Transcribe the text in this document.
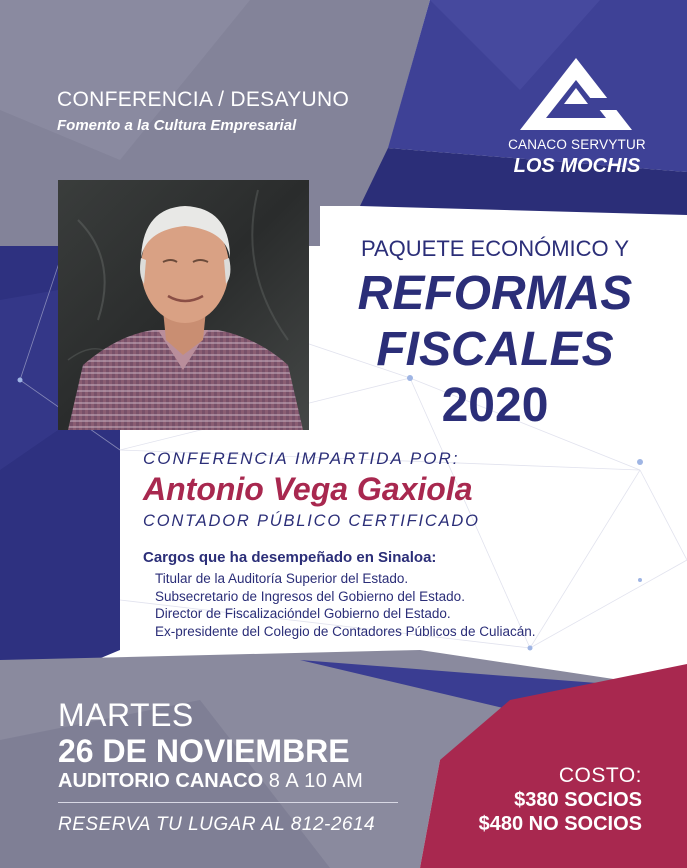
CONFERENCIA / DESAYUNO
Fomento a la Cultura Empresarial
CANACO SERVYTUR
LOS MOCHIS
PAQUETE ECONÓMICO Y
REFORMAS
FISCALES
2020
CONFERENCIA IMPARTIDA POR:
Antonio Vega Gaxiola
CONTADOR PÚBLICO CERTIFICADO
Cargos que ha desempeñado en Sinaloa:
Titular de la Auditoría Superior del Estado.
Subsecretario de Ingresos del Gobierno del Estado.
Director de Fiscalizacióndel Gobierno del Estado.
Ex-presidente del Colegio de Contadores Públicos de Culiacán.
MARTES
26 DE NOVIEMBRE
AUDITORIO CANACO 8 A 10 AM
RESERVA TU LUGAR AL 812-2614
COSTO:
$380 SOCIOS
$480 NO SOCIOS
